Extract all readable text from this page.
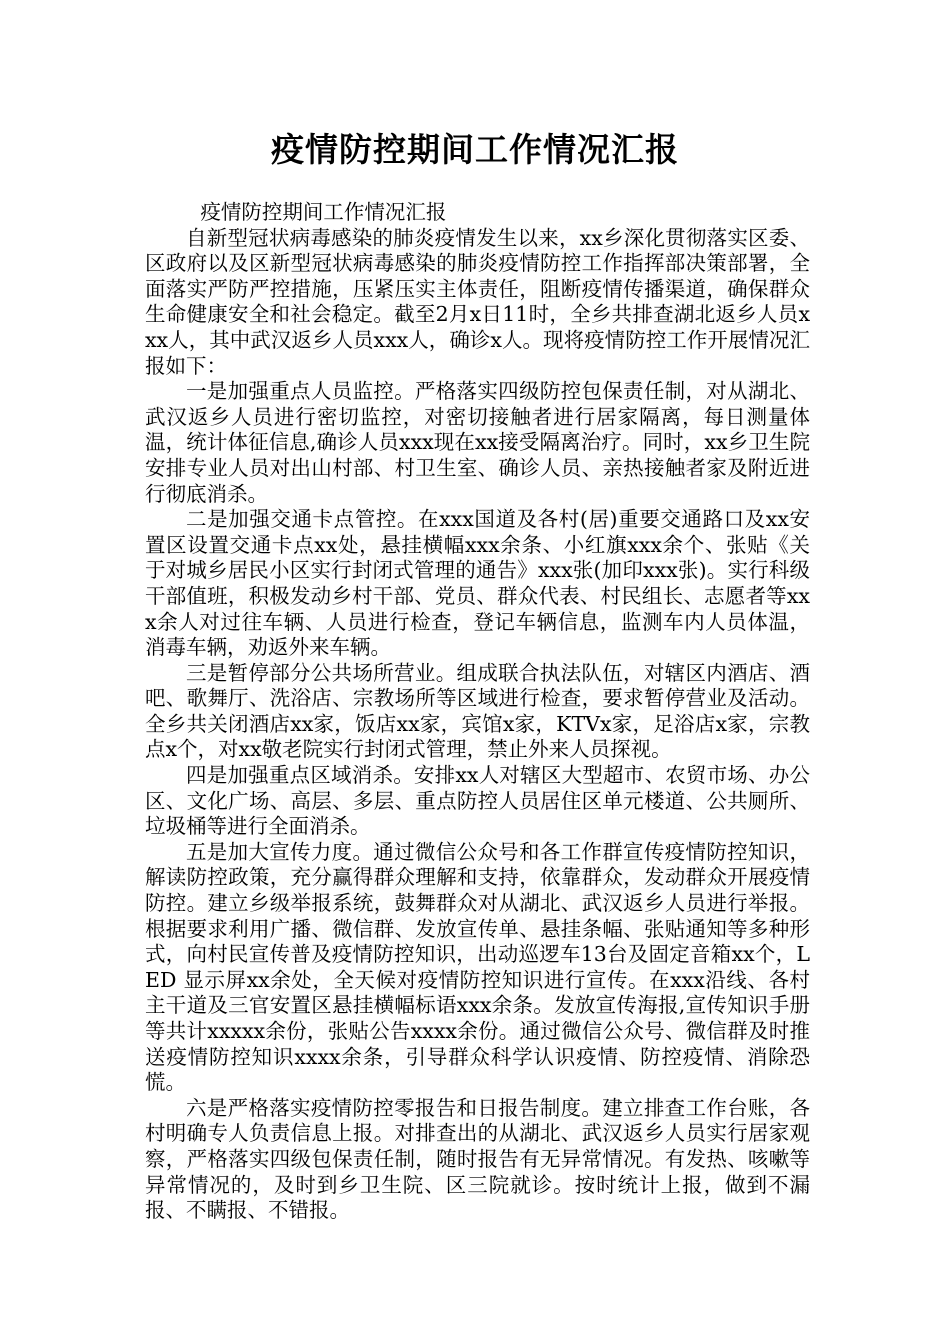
疫情防控期间工作情况汇报

疫情防控期间工作情况汇报

自新型冠状病毒感染的肺炎疫情发生以来，xx乡深化贯彻落实区委、区政府以及区新型冠状病毒感染的肺炎疫情防控工作指挥部决策部署，全面落实严防严控措施，压紧压实主体责任，阻断疫情传播渠道，确保群众生命健康安全和社会稳定。截至2月x日11时，全乡共排查湖北返乡人员xxx人，其中武汉返乡人员xxx人，确诊x人。现将疫情防控工作开展情况汇报如下：

一是加强重点人员监控。严格落实四级防控包保责任制，对从湖北、武汉返乡人员进行密切监控，对密切接触者进行居家隔离，每日测量体温，统计体征信息,确诊人员xxx现在xx接受隔离治疗。同时，xx乡卫生院安排专业人员对出山村部、村卫生室、确诊人员、亲热接触者家及附近进行彻底消杀。

二是加强交通卡点管控。在xxx国道及各村(居)重要交通路口及xx安置区设置交通卡点xx处，悬挂横幅xxx余条、小红旗xxx余个、张贴《关于对城乡居民小区实行封闭式管理的通告》xxx张(加印xxx张)。实行科级干部值班，积极发动乡村干部、党员、群众代表、村民组长、志愿者等xxx余人对过往车辆、人员进行检查，登记车辆信息，监测车内人员体温，消毒车辆，劝返外来车辆。

三是暂停部分公共场所营业。组成联合执法队伍，对辖区内酒店、酒吧、歌舞厅、洗浴店、宗教场所等区域进行检查，要求暂停营业及活动。全乡共关闭酒店xx家，饭店xx家，宾馆x家，KTVx家，足浴店x家，宗教点x个，对xx敬老院实行封闭式管理，禁止外来人员探视。

四是加强重点区域消杀。安排xx人对辖区大型超市、农贸市场、办公区、文化广场、高层、多层、重点防控人员居住区单元楼道、公共厕所、垃圾桶等进行全面消杀。

五是加大宣传力度。通过微信公众号和各工作群宣传疫情防控知识，解读防控政策，充分赢得群众理解和支持，依靠群众，发动群众开展疫情防控。建立乡级举报系统，鼓舞群众对从湖北、武汉返乡人员进行举报。根据要求利用广播、微信群、发放宣传单、悬挂条幅、张贴通知等多种形式，向村民宣传普及疫情防控知识，出动巡逻车13台及固定音箱xx个，LED 显示屏xx余处，全天候对疫情防控知识进行宣传。在xxx沿线、各村主干道及三官安置区悬挂横幅标语xxx余条。发放宣传海报,宣传知识手册等共计xxxxx余份，张贴公告xxxx余份。通过微信公众号、微信群及时推送疫情防控知识xxxx余条，引导群众科学认识疫情、防控疫情、消除恐慌。

六是严格落实疫情防控零报告和日报告制度。建立排查工作台账，各村明确专人负责信息上报。对排查出的从湖北、武汉返乡人员实行居家观察，严格落实四级包保责任制，随时报告有无异常情况。有发热、咳嗽等异常情况的，及时到乡卫生院、区三院就诊。按时统计上报，做到不漏报、不瞒报、不错报。
